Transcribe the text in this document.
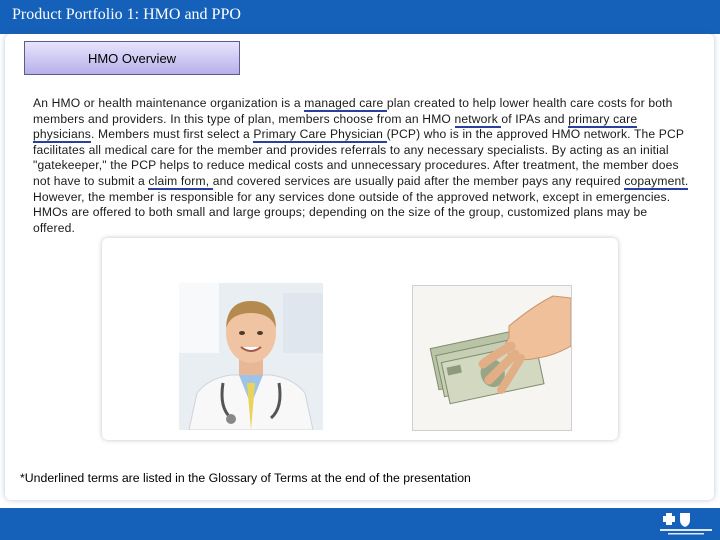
Product Portfolio 1: HMO and PPO
HMO Overview
An HMO or health maintenance organization is a managed care plan created to help lower health care costs for both members and providers. In this type of plan, members choose from an HMO network of IPAs and primary care physicians. Members must first select a Primary Care Physician (PCP) who is in the approved HMO network. The PCP facilitates all medical care for the member and provides referrals to any necessary specialists. By acting as an initial "gatekeeper," the PCP helps to reduce medical costs and unnecessary procedures. After treatment, the member does not have to submit a claim form, and covered services are usually paid after the member pays any required copayment. However, the member is responsible for any services done outside of the approved network, except in emergencies. HMOs are offered to both small and large groups; depending on the size of the group, customized plans may be offered.
*Underlined terms are listed in the Glossary of Terms at the end of the presentation
